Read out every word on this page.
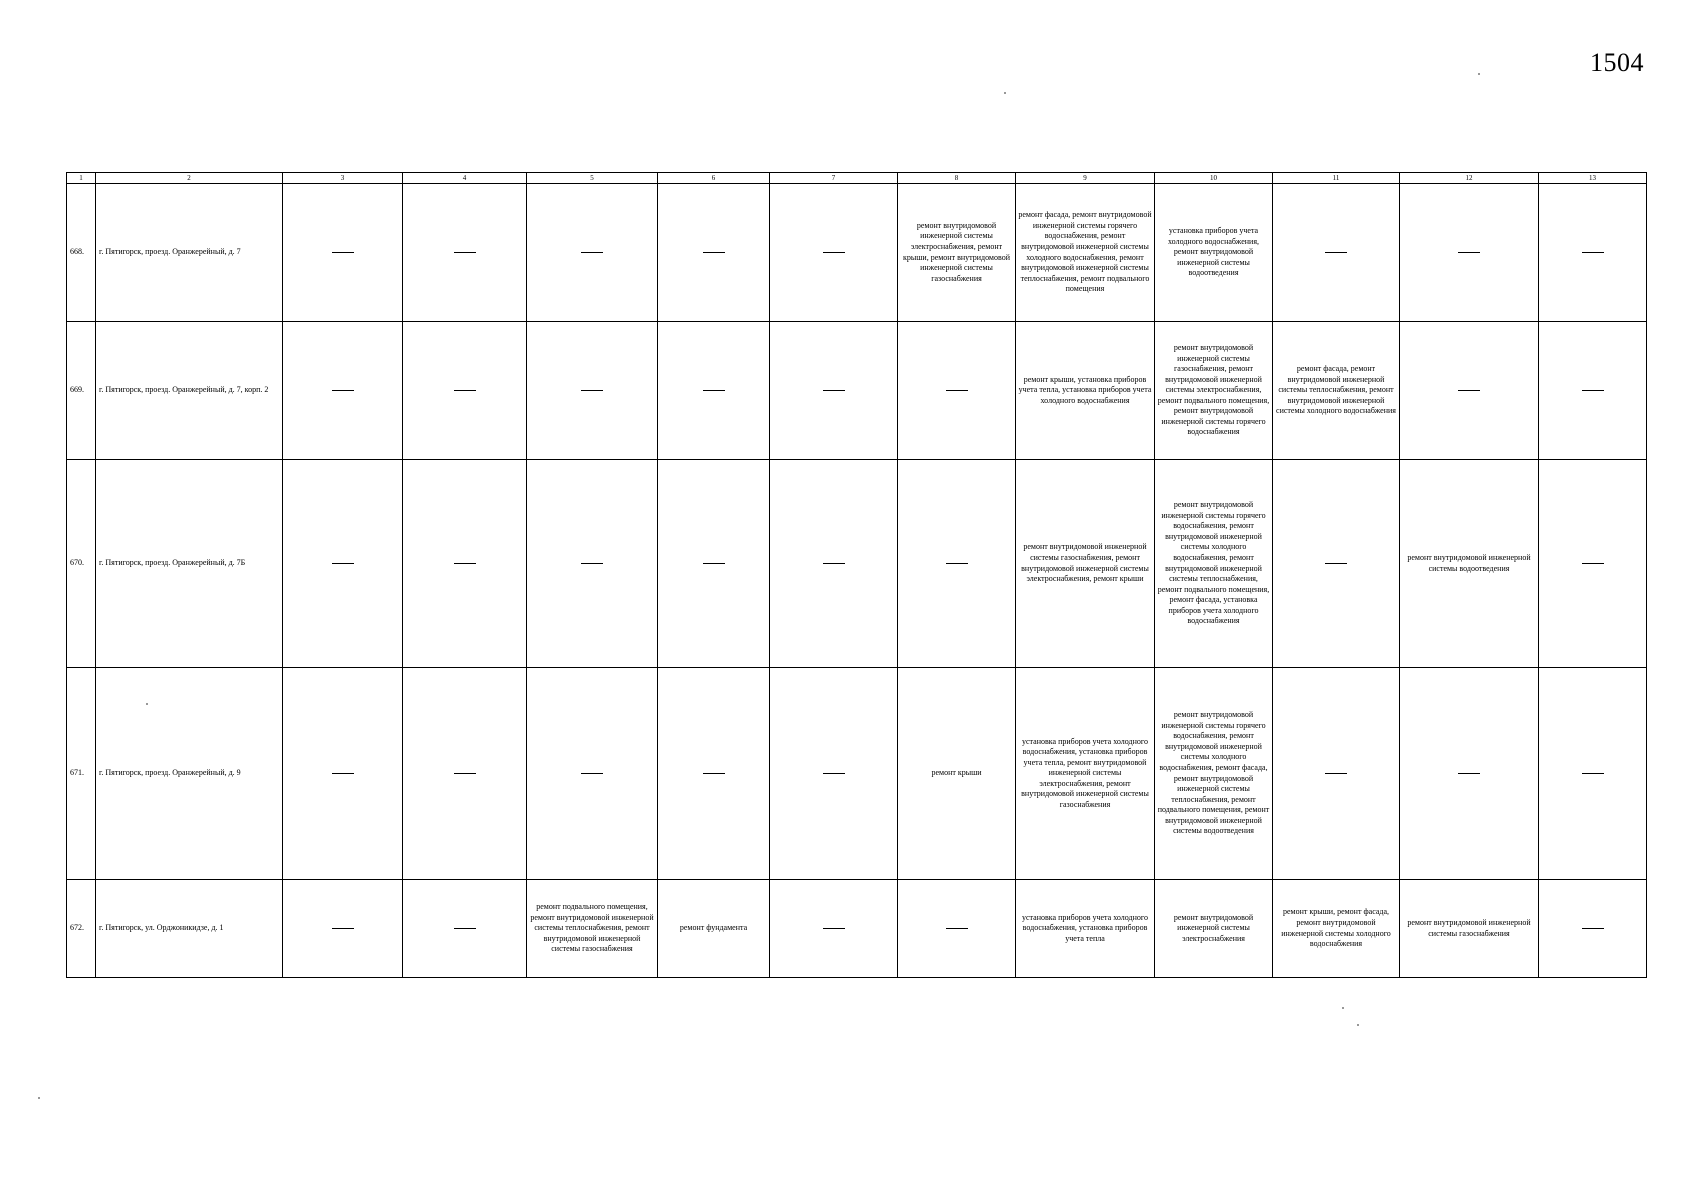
1504
1	2	3	4	5	6	7	8	9	10	11	12	13
668.	г. Пятигорск, проезд. Оранжерейный, д. 7						ремонт внутридомовой инженерной системы электроснабжения, ремонт крыши, ремонт внутридомовой инженерной системы газоснабжения	ремонт фасада, ремонт внутридомовой инженерной системы горячего водоснабжения, ремонт внутридомовой инженерной системы холодного водоснабжения, ремонт внутридомовой инженерной системы теплоснабжения, ремонт подвального помещения	установка приборов учета холодного водоснабжения, ремонт внутридомовой инженерной системы водоотведения			
669.	г. Пятигорск, проезд. Оранжерейный, д. 7, корп. 2							ремонт крыши, установка приборов учета тепла, установка приборов учета холодного водоснабжения	ремонт внутридомовой инженерной системы газоснабжения, ремонт внутридомовой инженерной системы электроснабжения, ремонт подвального помещения, ремонт внутридомовой инженерной системы горячего водоснабжения	ремонт фасада, ремонт внутридомовой инженерной системы теплоснабжения, ремонт внутридомовой инженерной системы холодного водоснабжения		
670.	г. Пятигорск, проезд. Оранжерейный, д. 7Б							ремонт внутридомовой инженерной системы газоснабжения, ремонт внутридомовой инженерной системы электроснабжения, ремонт крыши	ремонт внутридомовой инженерной системы горячего водоснабжения, ремонт внутридомовой инженерной системы холодного водоснабжения, ремонт внутридомовой инженерной системы теплоснабжения, ремонт подвального помещения, ремонт фасада, установка приборов учета холодного водоснабжения		ремонт внутридомовой инженерной системы водоотведения	
671.	г. Пятигорск, проезд. Оранжерейный, д. 9						ремонт крыши	установка приборов учета холодного водоснабжения, установка приборов учета тепла, ремонт внутридомовой инженерной системы электроснабжения, ремонт внутридомовой инженерной системы газоснабжения	ремонт внутридомовой инженерной системы горячего водоснабжения, ремонт внутридомовой инженерной системы холодного водоснабжения, ремонт фасада, ремонт внутридомовой инженерной системы теплоснабжения, ремонт подвального помещения, ремонт внутридомовой инженерной системы водоотведения			
672.	г. Пятигорск, ул. Орджоникидзе, д. 1			ремонт подвального помещения, ремонт внутридомовой инженерной системы теплоснабжения, ремонт внутридомовой инженерной системы газоснабжения	ремонт фундамента			установка приборов учета холодного водоснабжения, установка приборов учета тепла	ремонт внутридомовой инженерной системы электроснабжения	ремонт крыши, ремонт фасада, ремонт внутридомовой инженерной системы холодного водоснабжения	ремонт внутридомовой инженерной системы газоснабжения	
